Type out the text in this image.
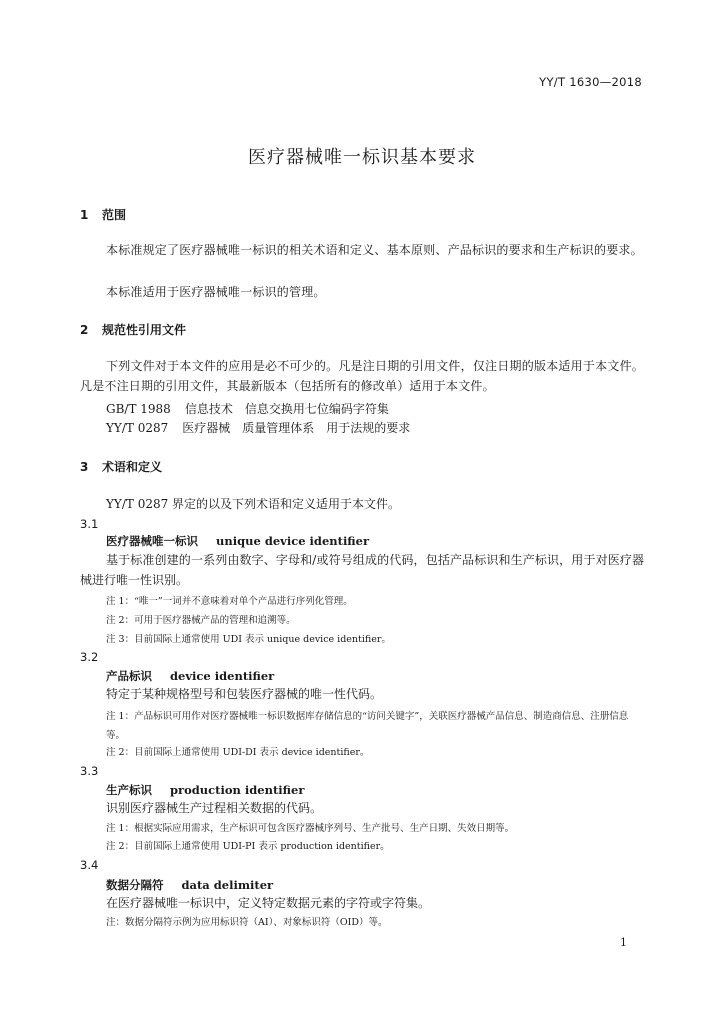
YY/T 1630—2018
医疗器械唯一标识基本要求
1 范围
本标准规定了医疗器械唯一标识的相关术语和定义、基本原则、产品标识的要求和生产标识的要求。
本标准适用于医疗器械唯一标识的管理。
2 规范性引用文件
下列文件对于本文件的应用是必不可少的。凡是注日期的引用文件，仅注日期的版本适用于本文件。凡是不注日期的引用文件，其最新版本（包括所有的修改单）适用于本文件。
GB/T 1988 信息技术　信息交换用七位编码字符集
YY/T 0287 医疗器械　质量管理体系　用于法规的要求
3 术语和定义
YY/T 0287 界定的以及下列术语和定义适用于本文件。
3.1
医疗器械唯一标识 unique device identifier
基于标准创建的一系列由数字、字母和/或符号组成的代码，包括产品标识和生产标识，用于对医疗器械进行唯一性识别。
注 1：“唯一”一词并不意味着对单个产品进行序列化管理。
注 2：可用于医疗器械产品的管理和追溯等。
注 3：目前国际上通常使用 UDI 表示 unique device identifier。
3.2
产品标识 device identifier
特定于某种规格型号和包装医疗器械的唯一性代码。
注 1：产品标识可用作对医疗器械唯一标识数据库存储信息的“访问关键字”，关联医疗器械产品信息、制造商信息、注册信息等。
注 2：目前国际上通常使用 UDI-DI 表示 device identifier。
3.3
生产标识 production identifier
识别医疗器械生产过程相关数据的代码。
注 1：根据实际应用需求，生产标识可包含医疗器械序列号、生产批号、生产日期、失效日期等。
注 2：目前国际上通常使用 UDI-PI 表示 production identifier。
3.4
数据分隔符 data delimiter
在医疗器械唯一标识中，定义特定数据元素的字符或字符集。
注：数据分隔符示例为应用标识符（AI）、对象标识符（OID）等。
1
